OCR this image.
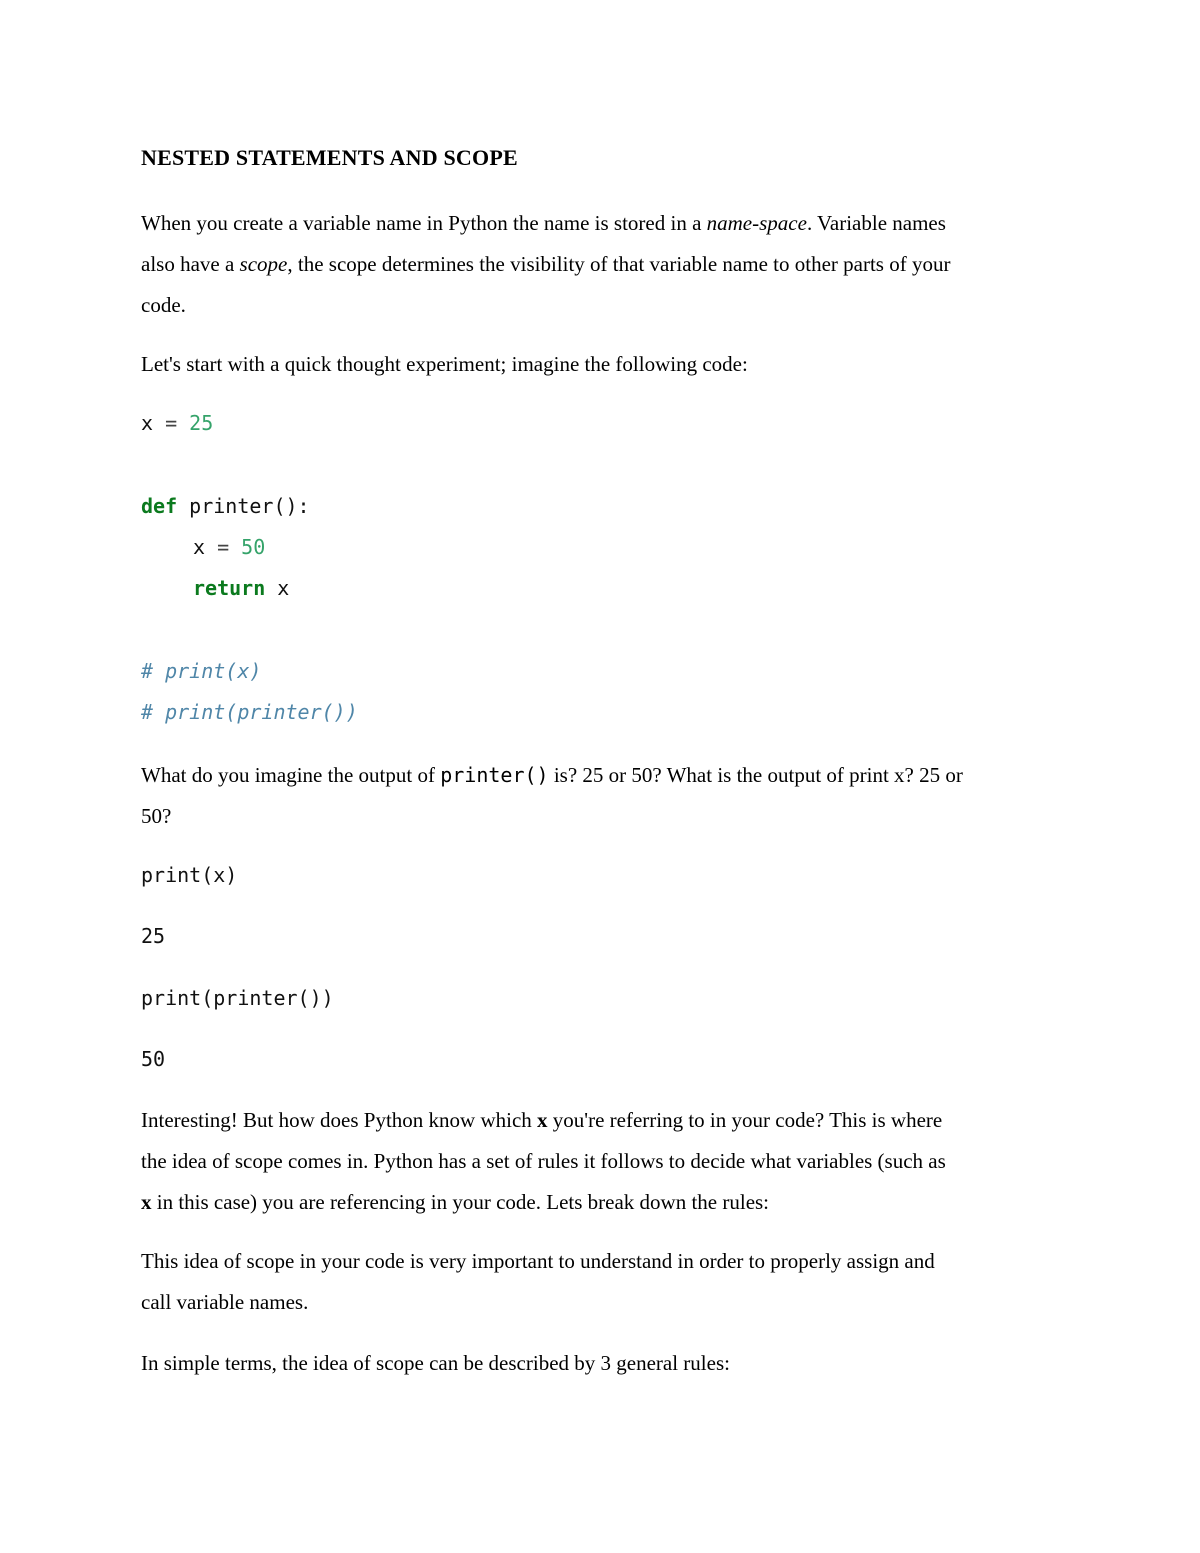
NESTED STATEMENTS AND SCOPE
When you create a variable name in Python the name is stored in a name-space. Variable names
also have a scope, the scope determines the visibility of that variable name to other parts of your
code.
Let's start with a quick thought experiment; imagine the following code:
x = 25
def printer():
x = 50
return x
# print(x)
# print(printer())
What do you imagine the output of printer() is? 25 or 50? What is the output of print x? 25 or
50?
print(x)
25
print(printer())
50
Interesting! But how does Python know which x you're referring to in your code? This is where
the idea of scope comes in. Python has a set of rules it follows to decide what variables (such as
x in this case) you are referencing in your code. Lets break down the rules:
This idea of scope in your code is very important to understand in order to properly assign and
call variable names.
In simple terms, the idea of scope can be described by 3 general rules:
